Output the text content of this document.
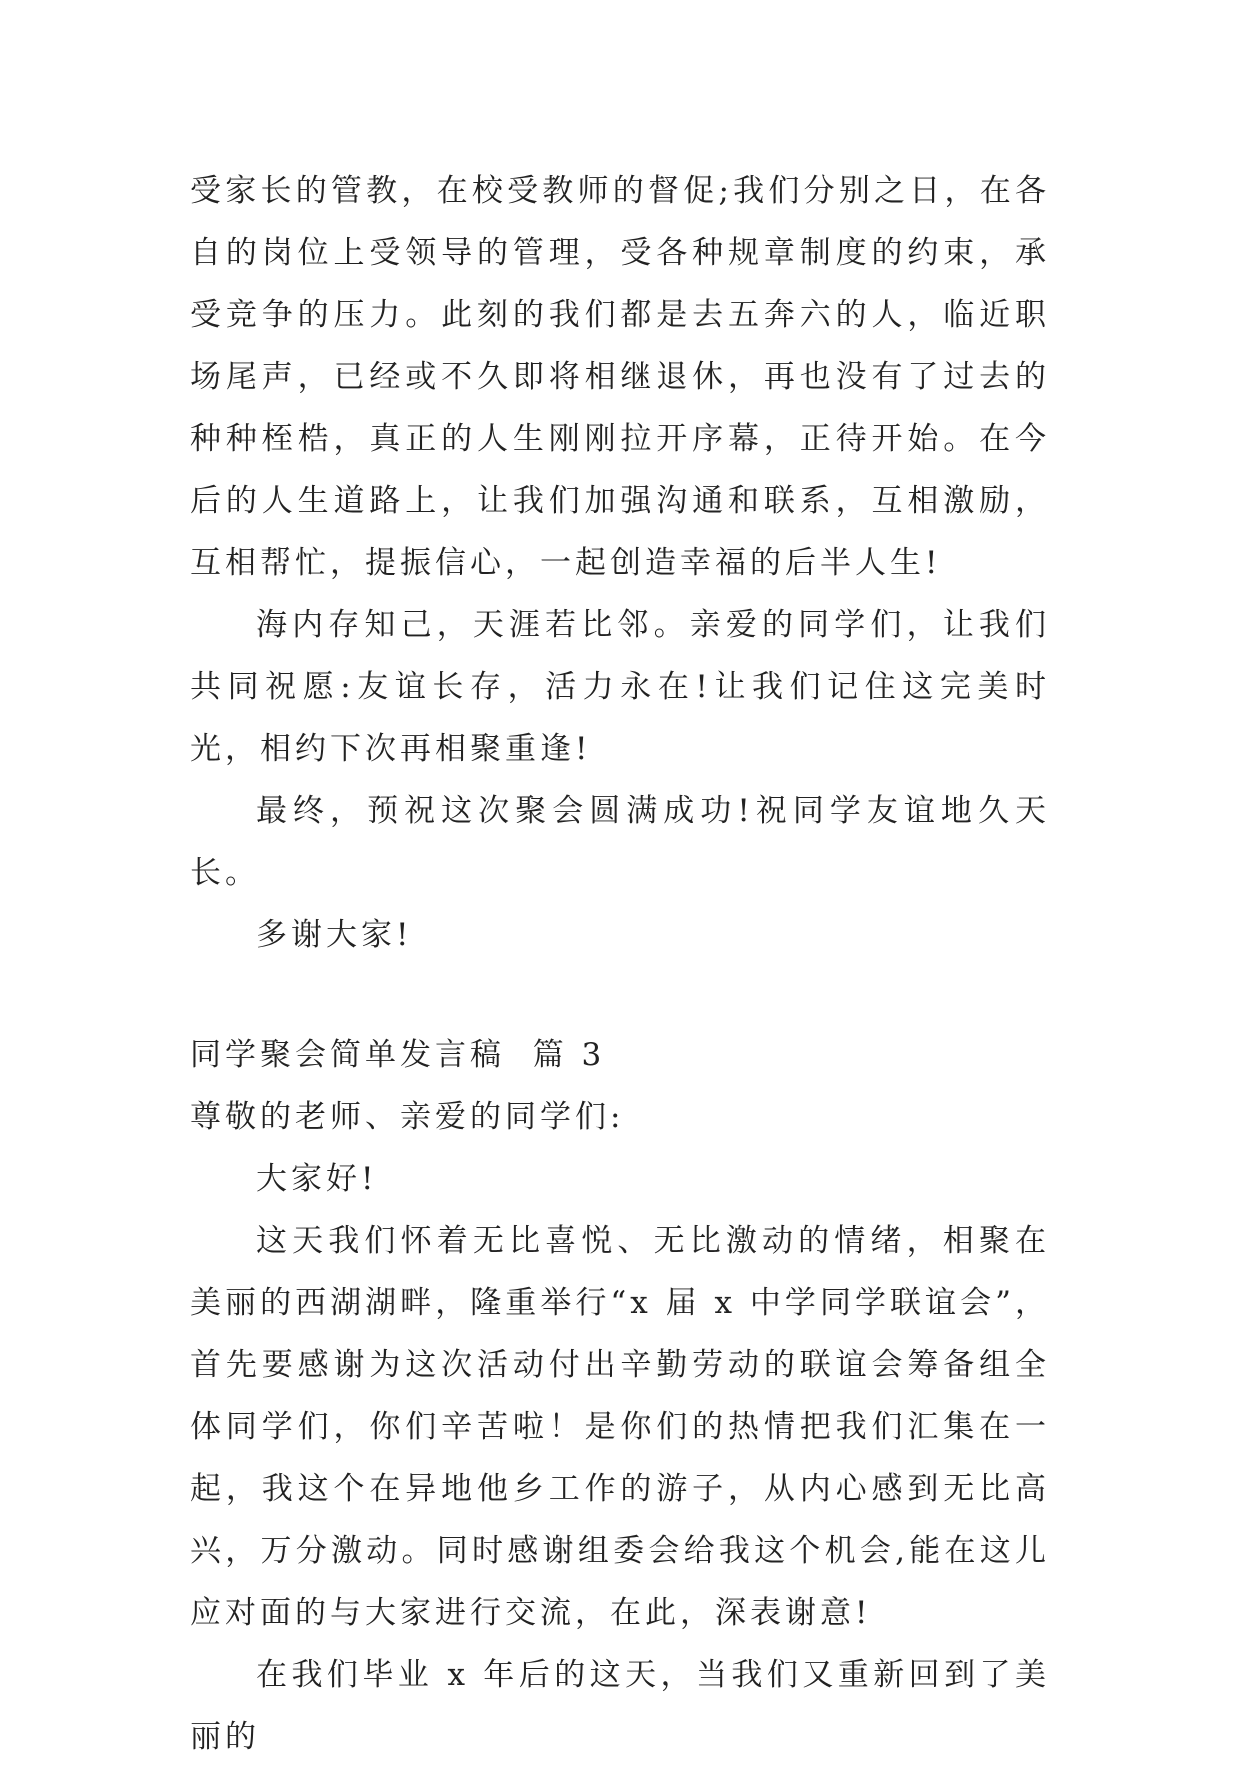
受家长的管教，在校受教师的督促;我们分别之日，在各自的岗位上受领导的管理，受各种规章制度的约束，承受竞争的压力。此刻的我们都是去五奔六的人，临近职场尾声，已经或不久即将相继退休，再也没有了过去的种种桎梏，真正的人生刚刚拉开序幕，正待开始。在今后的人生道路上，让我们加强沟通和联系，互相激励，互相帮忙，提振信心，一起创造幸福的后半人生!

海内存知己，天涯若比邻。亲爱的同学们，让我们共同祝愿:友谊长存，活力永在!让我们记住这完美时光，相约下次再相聚重逢!

最终，预祝这次聚会圆满成功!祝同学友谊地久天长。

多谢大家!

同学聚会简单发言稿  篇 3

尊敬的老师、亲爱的同学们:

大家好!

这天我们怀着无比喜悦、无比激动的情绪，相聚在美丽的西湖湖畔，隆重举行“x 届 x 中学同学联谊会”，首先要感谢为这次活动付出辛勤劳动的联谊会筹备组全体同学们，你们辛苦啦！是你们的热情把我们汇集在一起，我这个在异地他乡工作的游子，从内心感到无比高兴，万分激动。同时感谢组委会给我这个机会,能在这儿应对面的与大家进行交流，在此，深表谢意!

在我们毕业 x 年后的这天，当我们又重新回到了美丽的
